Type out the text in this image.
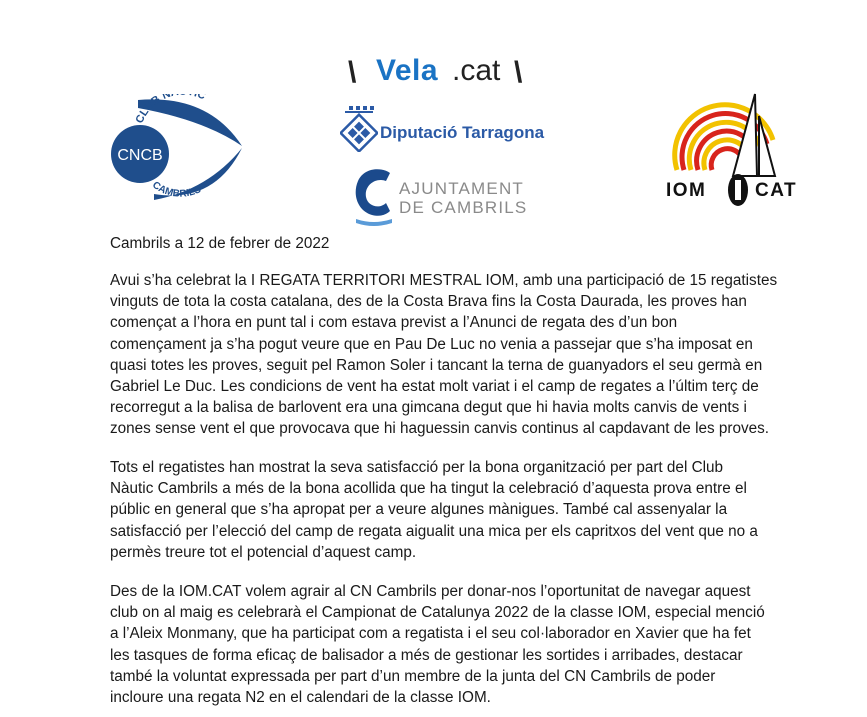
\ Vela .cat \
Diputació Tarragona
AJUNTAMENT
DE CAMBRILS
CLUB N C
CAMBRILS
CNCB
IOM	CAT
Cambrils a 12 de febrer de 2022
Avui s’ha celebrat la I REGATA TERRITORI MESTRAL IOM, amb una participació de 15 regatistes
vinguts de tota la costa catalana, des de la Costa Brava fins la Costa Daurada, les proves han
començat a l’hora en punt tal i com estava previst a l’Anunci de regata des d’un bon
començament ja s’ha pogut veure que en Pau De Luc no venia a passejar que s’ha imposat en
quasi totes les proves, seguit pel Ramon Soler i tancant la terna de guanyadors el seu germà en
Gabriel Le Duc. Les condicions de vent ha estat molt variat i el camp de regates a l’últim terç de
recorregut a la balisa de barlovent era una gimcana degut que hi havia molts canvis de vents i
zones sense vent el que provocava que hi haguessin canvis continus al capdavant de les proves.
Tots el regatistes han mostrat la seva satisfacció per la bona organització per part del Club
Nàutic Cambrils a més de la bona acollida que ha tingut la celebració d’aquesta prova entre el
públic en general que s’ha apropat per a veure algunes mànigues. També cal assenyalar la
satisfacció per l’elecció del camp de regata aigualit una mica per els capritxos del vent que no a
permès treure tot el potencial d’aquest camp.
Des de la IOM.CAT volem agrair al CN Cambrils per donar-nos l’oportunitat de navegar aquest
club on al maig es celebrarà el Campionat de Catalunya 2022 de la classe IOM, especial menció
a l’Aleix Monmany, que ha participat com a regatista i el seu col·laborador en Xavier que ha fet
les tasques de forma eficaç de balisador a més de gestionar les sortides i arribades, destacar
també la voluntat expressada per part d’un membre de la junta del CN Cambrils de poder
incloure una regata N2 en el calendari de la classe IOM.
